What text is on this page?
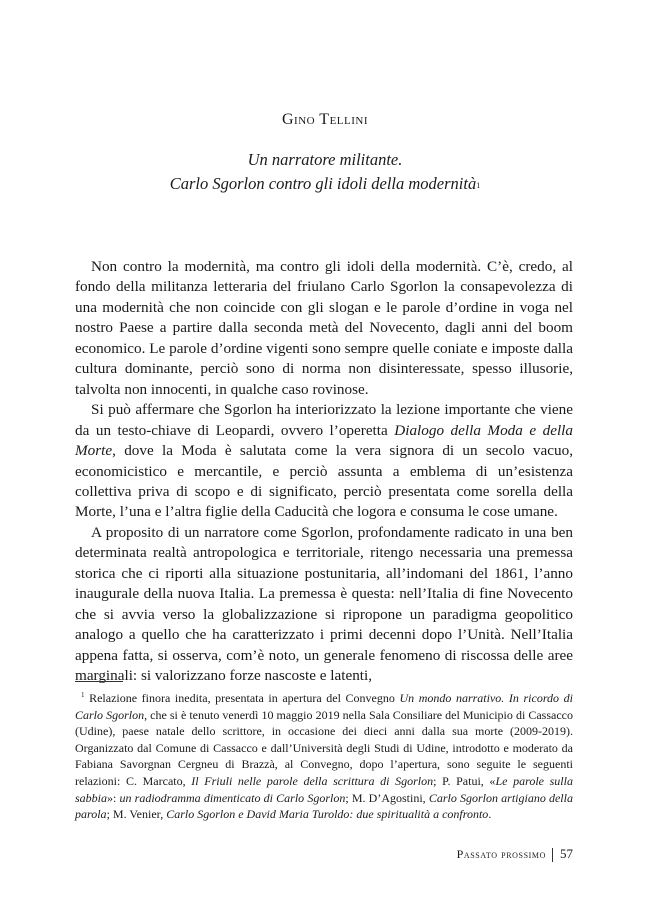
Gino Tellini
Un narratore militante.
Carlo Sgorlon contro gli idoli della modernità$^1$

Non contro la modernità, ma contro gli idoli della modernità. C’è, credo, al fondo della militanza letteraria del friulano Carlo Sgorlon la consapevolezza di una modernità che non coincide con gli slogan e le parole d’ordine in voga nel nostro Paese a partire dalla seconda metà del Novecento, dagli anni del boom economico. Le parole d’ordine vigenti sono sempre quelle coniate e imposte dalla cultura dominante, perciò sono di norma non disinteressate, spesso illusorie, talvolta non innocenti, in qualche caso rovinose.

Si può affermare che Sgorlon ha interiorizzato la lezione importante che viene da un testo-chiave di Leopardi, ovvero l’operetta Dialogo della Moda e della Morte, dove la Moda è salutata come la vera signora di un secolo vacuo, economicistico e mercantile, e perciò assunta a emblema di un’esistenza collettiva priva di scopo e di significato, perciò presentata come sorella della Morte, l’una e l’altra figlie della Caducità che logora e consuma le cose umane.

A proposito di un narratore come Sgorlon, profondamente radicato in una ben determinata realtà antropologica e territoriale, ritengo necessaria una premessa storica che ci riporti alla situazione postunitaria, all’indomani del 1861, l’anno inaugurale della nuova Italia. La premessa è questa: nell’Italia di fine Novecento che si avvia verso la globalizzazione si ripropone un paradigma geopolitico analogo a quello che ha caratterizzato i primi decenni dopo l’Unità. Nell’Italia appena fatta, si osserva, com’è noto, un generale fenomeno di riscossa delle aree marginali: si valorizzano forze nascoste e latenti,

$^1$ Relazione finora inedita, presentata in apertura del Convegno Un mondo narrativo. In ricordo di Carlo Sgorlon, che si è tenuto venerdì 10 maggio 2019 nella Sala Consiliare del Municipio di Cassacco (Udine), paese natale dello scrittore, in occasione dei dieci anni dalla sua morte (2009-2019). Organizzato dal Comune di Cassacco e dall’Università degli Studi di Udine, introdotto e moderato da Fabiana Savorgnan Cergneu di Brazzà, al Convegno, dopo l’apertura, sono seguite le seguenti relazioni: C. Marcato, Il Friuli nelle parole della scrittura di Sgorlon; P. Patui, «Le parole sulla sabbia»: un radiodramma dimenticato di Carlo Sgorlon; M. D’Agostini, Carlo Sgorlon artigiano della parola; M. Venier, Carlo Sgorlon e David Maria Turoldo: due spiritualità a confronto.
Passato prossimo 57
